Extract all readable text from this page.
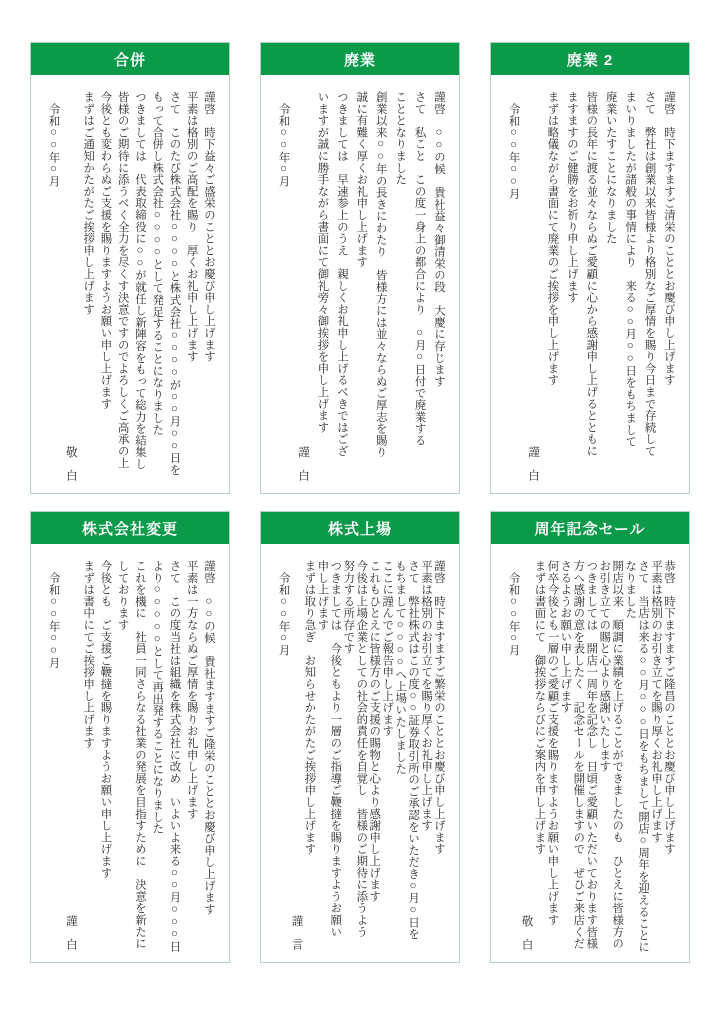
合併
謹啓　時下益々ご盛栄のこととお慶び申し上げます
平素は格別のご高配を賜り　厚くお礼申し上げます
さて　このたび株式会社○○○○と株式会社○○○○が○○月○○日を
もって合併し株式会社○○○○として発足することになりました
つきましては　代表取締役に○○が就任し新陣容をもって総力を結集し
皆様のご期待に添うべく全力を尽くす決意ですのでよろしくご高承の上
今後とも変わらぬご支援を賜りますようお願い申し上げます
まずはご通知かたがたご挨拶申し上げます
敬　白
令和○○年○月
廃業
謹啓　○○の候　貴社益々御清栄の段　大慶に存じます
さて　私こと　この度一身上の都合により　○月○日付で廃業する
こととなりました
創業以来○○年の長きにわたり　皆様方には並々ならぬご厚志を賜り
誠に有難く厚くお礼申し上げます
つきましては　早速参上のうえ　親しくお礼申し上げるべきではござ
いますが誠に勝手ながら書面にて御礼旁々御挨拶を申し上げます
謹　白
令和○○年○月
廃業 2
謹啓　時下ますますご清栄のこととお慶び申し上げます
さて　弊社は創業以来皆様より格別なご厚情を賜り今日まで存続して
まいりましたが諸般の事情により　来る○○月○○日をもちまして
廃業いたすことになりました
皆様の長年に渡る並々ならぬご愛顧に心から感謝申し上げるとともに
ますますのご健勝をお祈り申し上げます
まずは略儀ながら書面にて廃業のご挨拶を申し上げます
謹　白
令和○○年○○月
株式会社変更
謹啓　○○の候　貴社ますますご隆栄のこととお慶び申し上げます
平素は一方ならぬご厚情を賜りお礼申し上げます
さて　この度当社は組織を株式会社に改め　いよいよ来る○○月○○○日
より○○○○○として再出発することになりました
これを機に　社員一同さらなる社業の発展を目指すために　決意を新たに
しております
今後とも　ご支援ご鞭撻を賜りますようお願い申し上げます
まずは書中にてご挨拶申し上げます
謹　白
令和○○年○○月
株式上場
謹啓　時下ますますご繁栄のこととお慶び申し上げます
平素は格別のお引立てを賜り厚くお礼申し上げます
さて　弊社株式はこの度○○証券取引所のご承認をいただき○月○日を
もちまして○○○○へ上場いたしました
ここに謹んでご報告申し上げます
これもひとえに皆様方のご支援の賜物と心より感謝申し上げます
今後は上場企業としての社会的責任を自覚し　皆様のご期待に添うよう
努力する所存です
つきましては　今後ともより一層のご指導ご鞭撻を賜りますようお願い
申し上げます
まずは取り急ぎ　お知らせかたがたご挨拶申し上げます
謹　言
令和○○年○月
周年記念セール
恭啓　時下ますますご隆昌のこととお慶び申し上げます
平素は格別のお引き立てを賜り厚くお礼申し上げます
さて　当店は来る○○月○○○日をもちまして開店○周年を迎えることに
なりました
開店以来　順調に業績を上げることができましたのも　ひとえに皆様方の
お引き立ての賜と心より感謝いたします
つきましては　開店一周年を記念し　日頃ご愛顧いただいております皆様
方へ感謝の意を表したく　記念セールを開催しますので　ぜひご来店くだ
さるようお願い申し上げます
何卒今後とも一層のご愛顧ご支援を賜りますようお願い申し上げます
まずは書面にて　御挨拶ならびにご案内を申し上げます
敬　白
令和○○年○月
